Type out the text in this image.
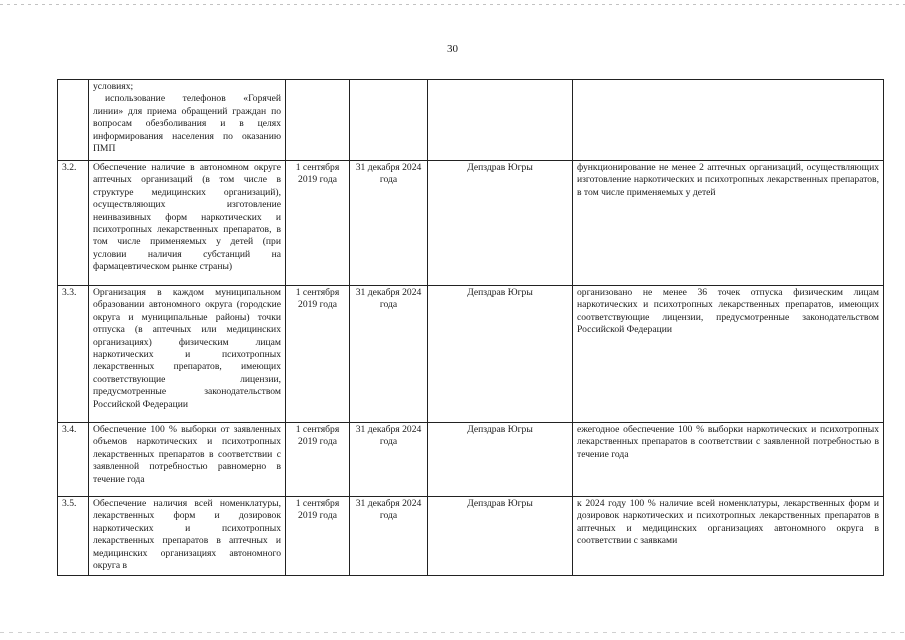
30
	условиях;
использование телефонов «Горячей линии» для приема обращений граждан по вопросам обезболивания и в целях информирования населения по оказанию ПМП				

3.2.	Обеспечение наличие в автономном округе аптечных организаций (в том числе в структуре медицинских организаций), осуществляющих изготовление неинвазивных форм наркотических и психотропных лекарственных препаратов, в том числе применяемых у детей (при условии наличия субстанций на фармацевтическом рынке страны)	1 сентября 2019 года	31 декабря 2024 года	Депздрав Югры	функционирование не менее 2 аптечных организаций, осуществляющих изготовление наркотических и психотропных лекарственных препаратов, в том числе применяемых у детей
3.3.	Организация в каждом муниципальном образовании автономного округа (городские округа и муниципальные районы) точки отпуска (в аптечных или медицинских организациях) физическим лицам наркотических и психотропных лекарственных препаратов, имеющих соответствующие лицензии, предусмотренные законодательством Российской Федерации	1 сентября 2019 года	31 декабря 2024 года	Депздрав Югры	организовано не менее 36 точек отпуска физическим лицам наркотических и психотропных лекарственных препаратов, имеющих соответствующие лицензии, предусмотренные законодательством Российской Федерации
3.4.	Обеспечение 100 % выборки от заявленных объемов наркотических и психотропных лекарственных препаратов в соответствии с заявленной потребностью равномерно в течение года	1 сентября 2019 года	31 декабря 2024 года	Депздрав Югры	ежегодное обеспечение 100 % выборки наркотических и психотропных лекарственных препаратов в соответствии с заявленной потребностью в течение года
3.5.	Обеспечение наличия всей номенклатуры, лекарственных форм и дозировок наркотических и психотропных лекарственных препаратов в аптечных и медицинских организациях автономного округа в	1 сентября 2019 года	31 декабря 2024 года	Депздрав Югры	к 2024 году 100 % наличие всей номенклатуры, лекарственных форм и дозировок наркотических и психотропных лекарственных препаратов в аптечных и медицинских организациях автономного округа в соответствии с заявками
